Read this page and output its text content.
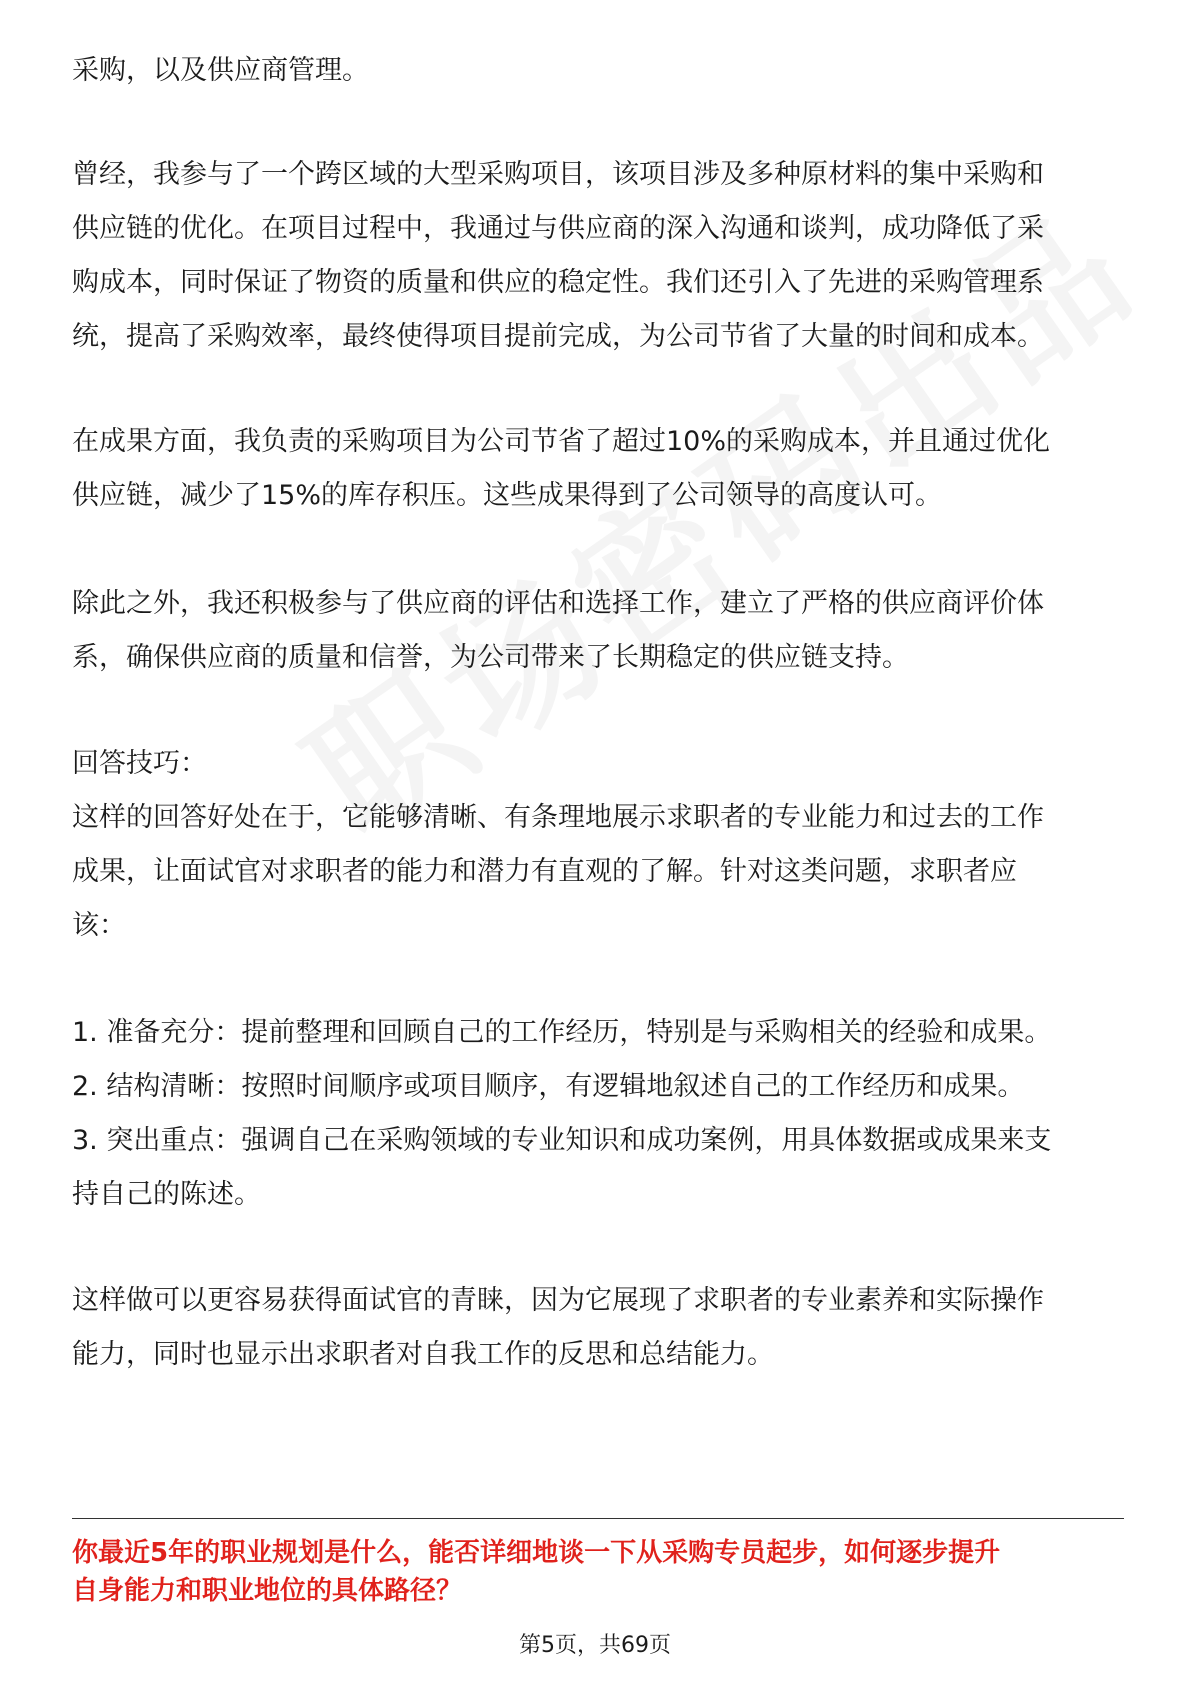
采购，以及供应商管理。
曾经，我参与了一个跨区域的大型采购项目，该项目涉及多种原材料的集中采购和
供应链的优化。在项目过程中，我通过与供应商的深入沟通和谈判，成功降低了采
购成本，同时保证了物资的质量和供应的稳定性。我们还引入了先进的采购管理系
统，提高了采购效率，最终使得项目提前完成，为公司节省了大量的时间和成本。
在成果方面，我负责的采购项目为公司节省了超过10%的采购成本，并且通过优化
供应链，减少了15%的库存积压。这些成果得到了公司领导的高度认可。
除此之外，我还积极参与了供应商的评估和选择工作，建立了严格的供应商评价体
系，确保供应商的质量和信誉，为公司带来了长期稳定的供应链支持。
回答技巧：
这样的回答好处在于，它能够清晰、有条理地展示求职者的专业能力和过去的工作
成果，让面试官对求职者的能力和潜力有直观的了解。针对这类问题，求职者应
该：
1. 准备充分：提前整理和回顾自己的工作经历，特别是与采购相关的经验和成果。
2. 结构清晰：按照时间顺序或项目顺序，有逻辑地叙述自己的工作经历和成果。
3. 突出重点：强调自己在采购领域的专业知识和成功案例，用具体数据或成果来支
持自己的陈述。
这样做可以更容易获得面试官的青睐，因为它展现了求职者的专业素养和实际操作
能力，同时也显示出求职者对自我工作的反思和总结能力。
你最近5年的职业规划是什么，能否详细地谈一下从采购专员起步，如何逐步提升
自身能力和职业地位的具体路径？
第5页，共69页
